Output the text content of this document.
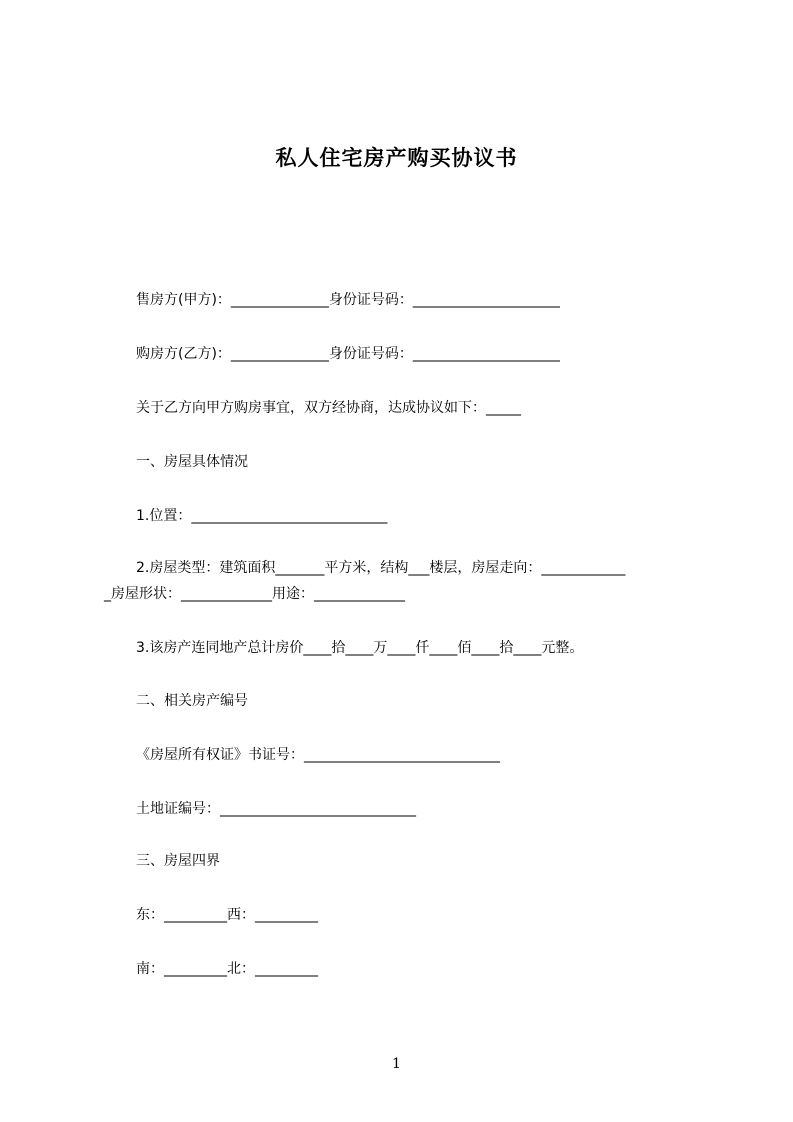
私人住宅房产购买协议书
售房方(甲方)：______________身份证号码：_____________________
购房方(乙方)：______________身份证号码：_____________________
关于乙方向甲方购房事宜，双方经协商，达成协议如下：_____
一、房屋具体情况
1.位置：____________________________
2.房屋类型：建筑面积_______平方米，结构___楼层，房屋走向：____________
_房屋形状：_____________用途：_____________
3.该房产连同地产总计房价____拾____万____仟____佰____拾____元整。
二、相关房产编号
《房屋所有权证》书证号：____________________________
土地证编号：____________________________
三、房屋四界
东：_________西：_________
南：_________北：_________
1
